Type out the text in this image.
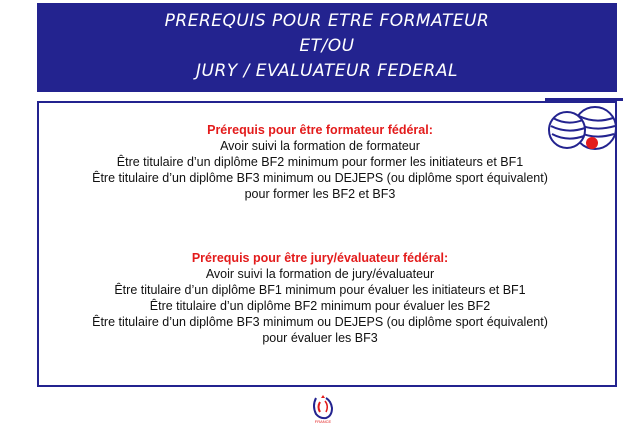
PREREQUIS POUR ETRE FORMATEUR
ET/OU
JURY / EVALUATEUR FEDERAL
Prérequis pour être formateur fédéral:
Avoir suivi la formation de formateur
Être titulaire d’un diplôme BF2 minimum pour former les initiateurs et BF1
Être titulaire d’un diplôme BF3 minimum ou DEJEPS (ou diplôme sport équivalent)
pour former les BF2 et BF3
Prérequis pour être jury/évaluateur fédéral:
Avoir suivi la formation de jury/évaluateur
Être titulaire d’un diplôme BF1 minimum pour évaluer les initiateurs et BF1
Être titulaire d’un diplôme BF2 minimum pour évaluer les BF2
Être titulaire d’un diplôme BF3 minimum ou DEJEPS (ou diplôme sport équivalent)
pour évaluer les BF3
FRANCE
